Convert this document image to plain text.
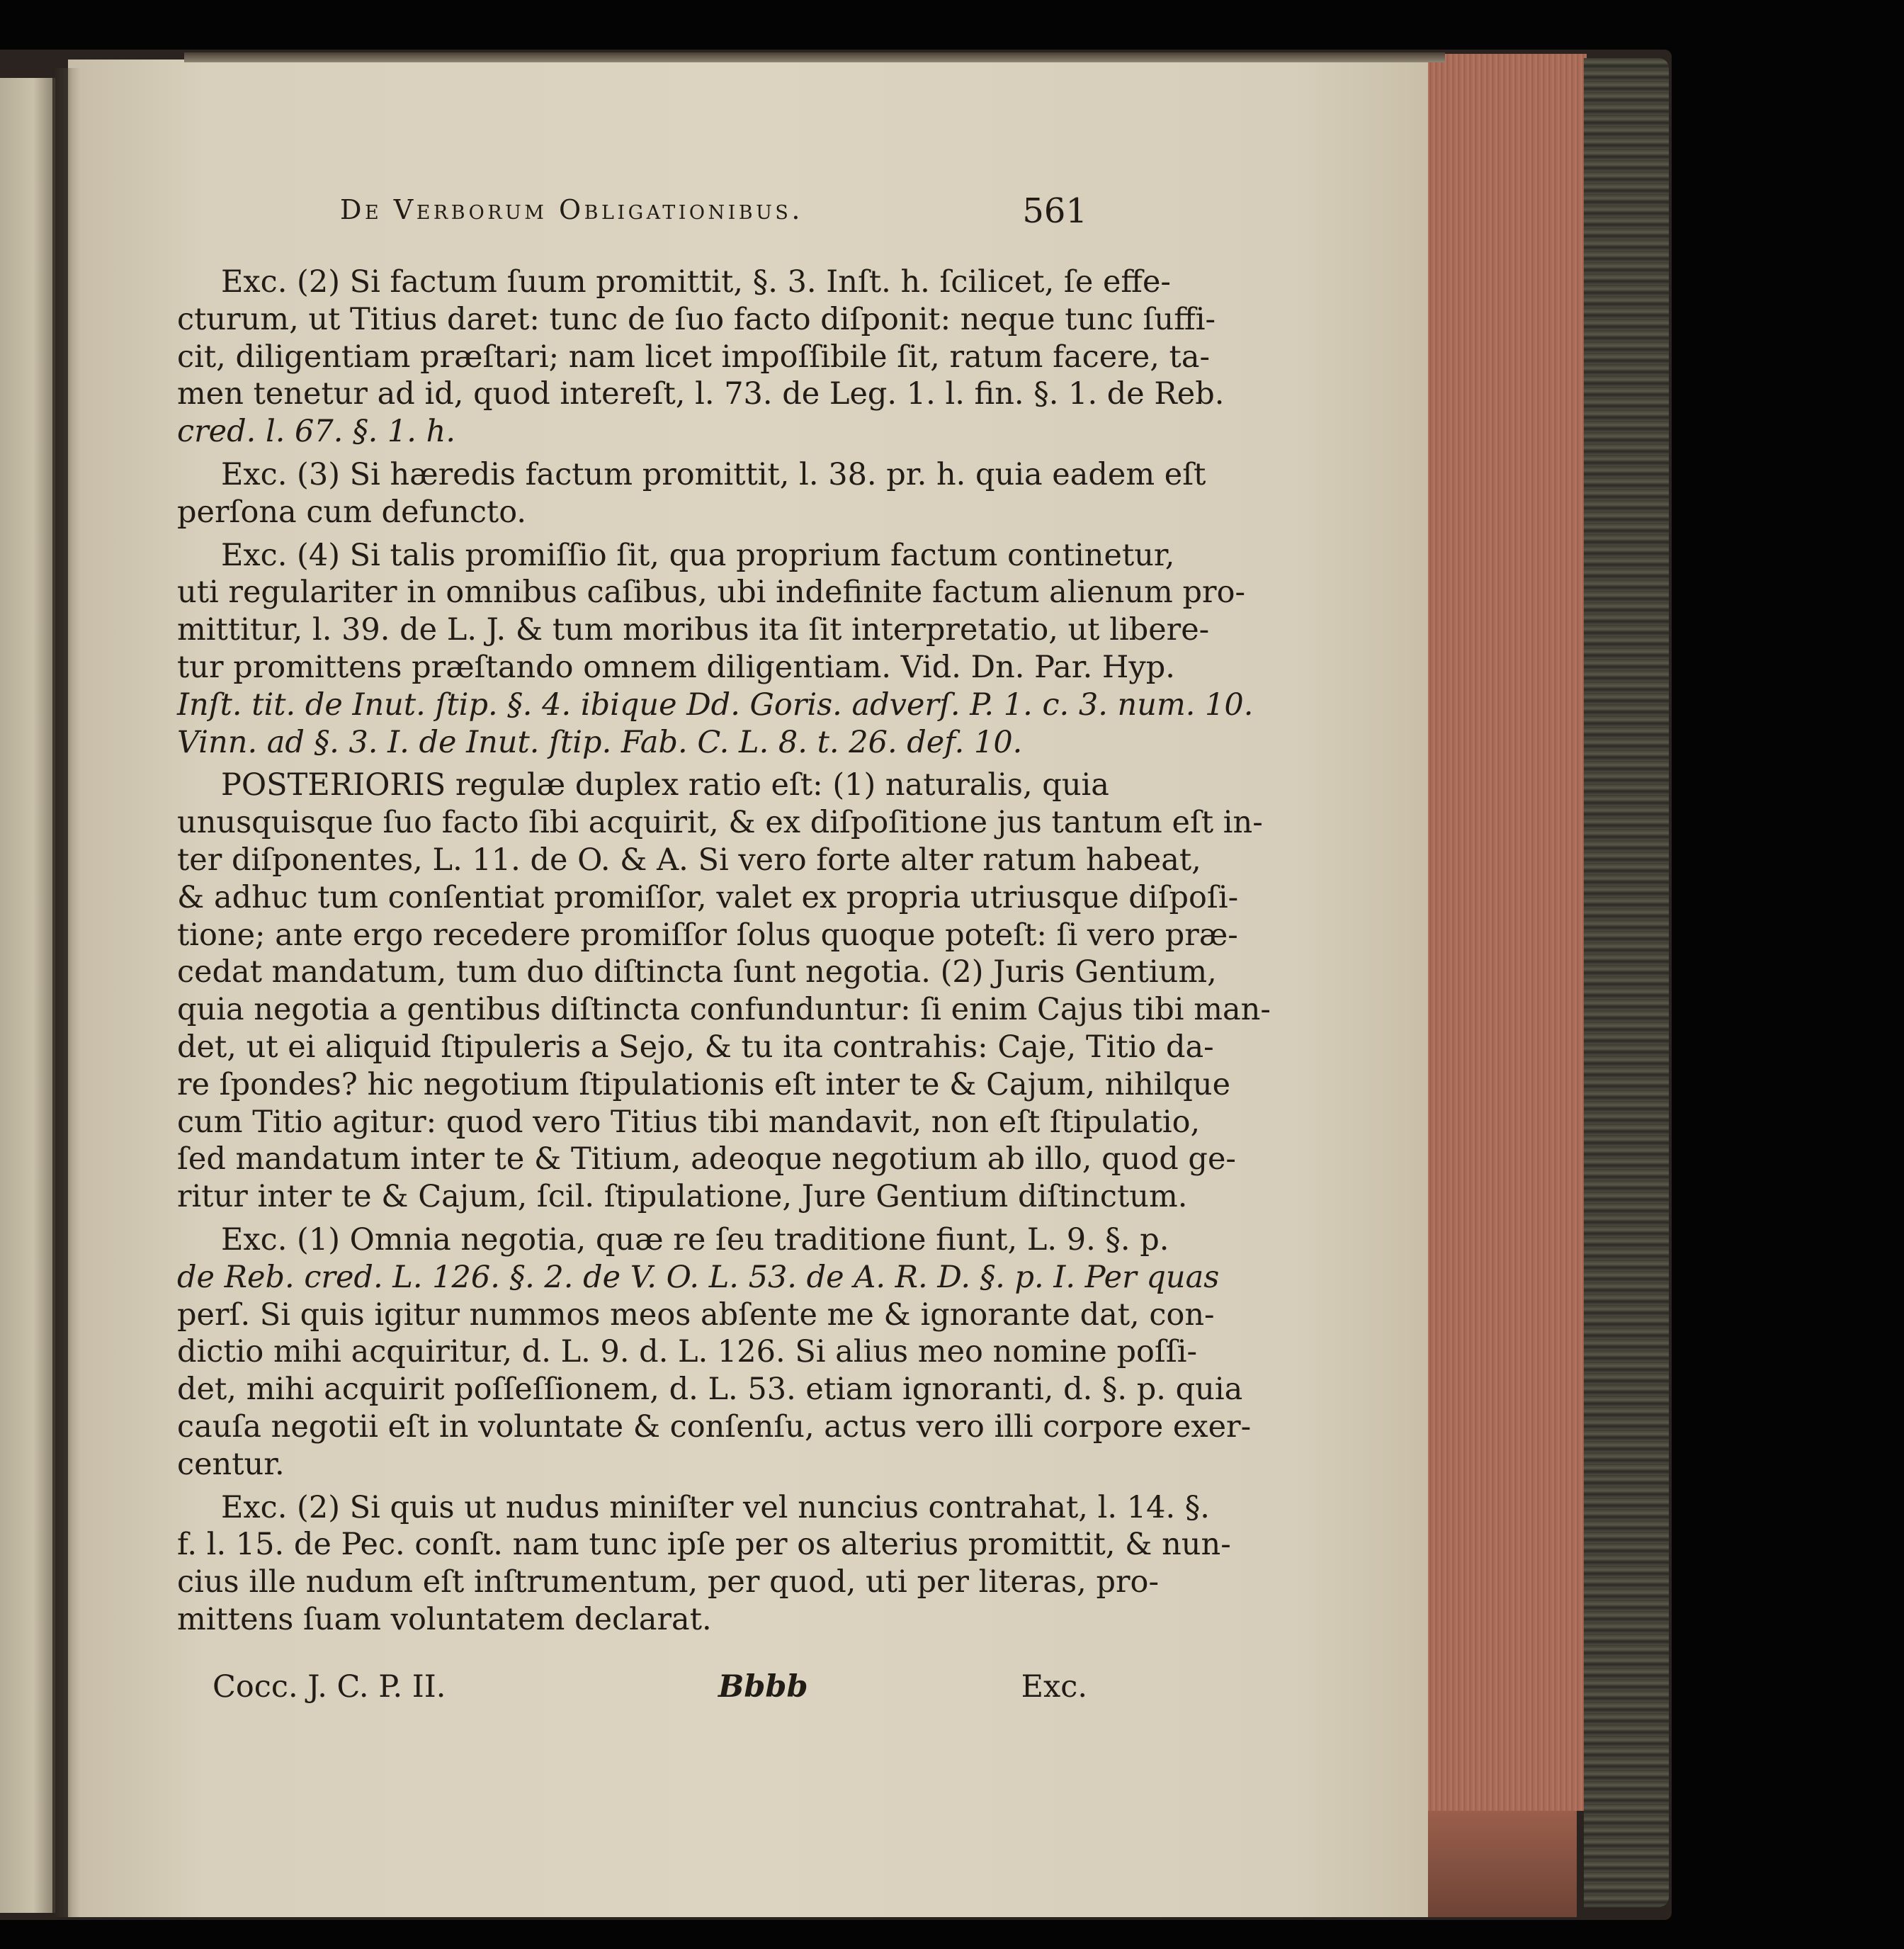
De Verborum Obligationibus.	561
Exc. (2) Si factum ſuum promittit, §. 3. Inſt. h. ſcilicet, ſe effe-
cturum, ut Titius daret: tunc de ſuo facto diſponit: neque tunc ſuffi-
cit, diligentiam præſtari; nam licet impoſſibile ſit, ratum facere, ta-
men tenetur ad id, quod intereſt, l. 73. de Leg. 1. l. fin. §. 1. de Reb.
cred. l. 67. §. 1. h.
Exc. (3) Si hæredis factum promittit, l. 38. pr. h. quia eadem eſt
perſona cum defuncto.
Exc. (4) Si talis promiſſio ſit, qua proprium factum continetur,
uti regulariter in omnibus caſibus, ubi indefinite factum alienum pro-
mittitur, l. 39. de L. J. & tum moribus ita ſit interpretatio, ut libere-
tur promittens præſtando omnem diligentiam. Vid. Dn. Par. Hyp.
Inſt. tit. de Inut. ſtip. §. 4. ibique Dd. Goris. adverſ. P. 1. c. 3. num. 10.
Vinn. ad §. 3. I. de Inut. ſtip. Fab. C. L. 8. t. 26. def. 10.
POSTERIORIS regulæ duplex ratio eſt: (1) naturalis, quia
unusquisque ſuo facto ſibi acquirit, & ex diſpoſitione jus tantum eſt in-
ter diſponentes, L. 11. de O. & A. Si vero forte alter ratum habeat,
& adhuc tum conſentiat promiſſor, valet ex propria utriusque diſpoſi-
tione; ante ergo recedere promiſſor ſolus quoque poteſt: ſi vero præ-
cedat mandatum, tum duo diſtincta ſunt negotia. (2) Juris Gentium,
quia negotia a gentibus diſtincta confunduntur: ſi enim Cajus tibi man-
det, ut ei aliquid ſtipuleris a Sejo, & tu ita contrahis: Caje, Titio da-
re ſpondes? hic negotium ſtipulationis eſt inter te & Cajum, nihilque
cum Titio agitur: quod vero Titius tibi mandavit, non eſt ſtipulatio,
ſed mandatum inter te & Titium, adeoque negotium ab illo, quod ge-
ritur inter te & Cajum, ſcil. ſtipulatione, Jure Gentium diſtinctum.
Exc. (1) Omnia negotia, quæ re ſeu traditione fiunt, L. 9. §. p.
de Reb. cred. L. 126. §. 2. de V. O. L. 53. de A. R. D. §. p. I. Per quas
perſ. Si quis igitur nummos meos abſente me & ignorante dat, con-
dictio mihi acquiritur, d. L. 9. d. L. 126. Si alius meo nomine poſſi-
det, mihi acquirit poſſeſſionem, d. L. 53. etiam ignoranti, d. §. p. quia
cauſa negotii eſt in voluntate & conſenſu, actus vero illi corpore exer-
centur.
Exc. (2) Si quis ut nudus miniſter vel nuncius contrahat, l. 14. §.
f. l. 15. de Pec. conſt. nam tunc ipſe per os alterius promittit, & nun-
cius ille nudum eſt inſtrumentum, per quod, uti per literas, pro-
mittens ſuam voluntatem declarat.
Cocc. J. C. P. II.	Bbbb	Exc.
